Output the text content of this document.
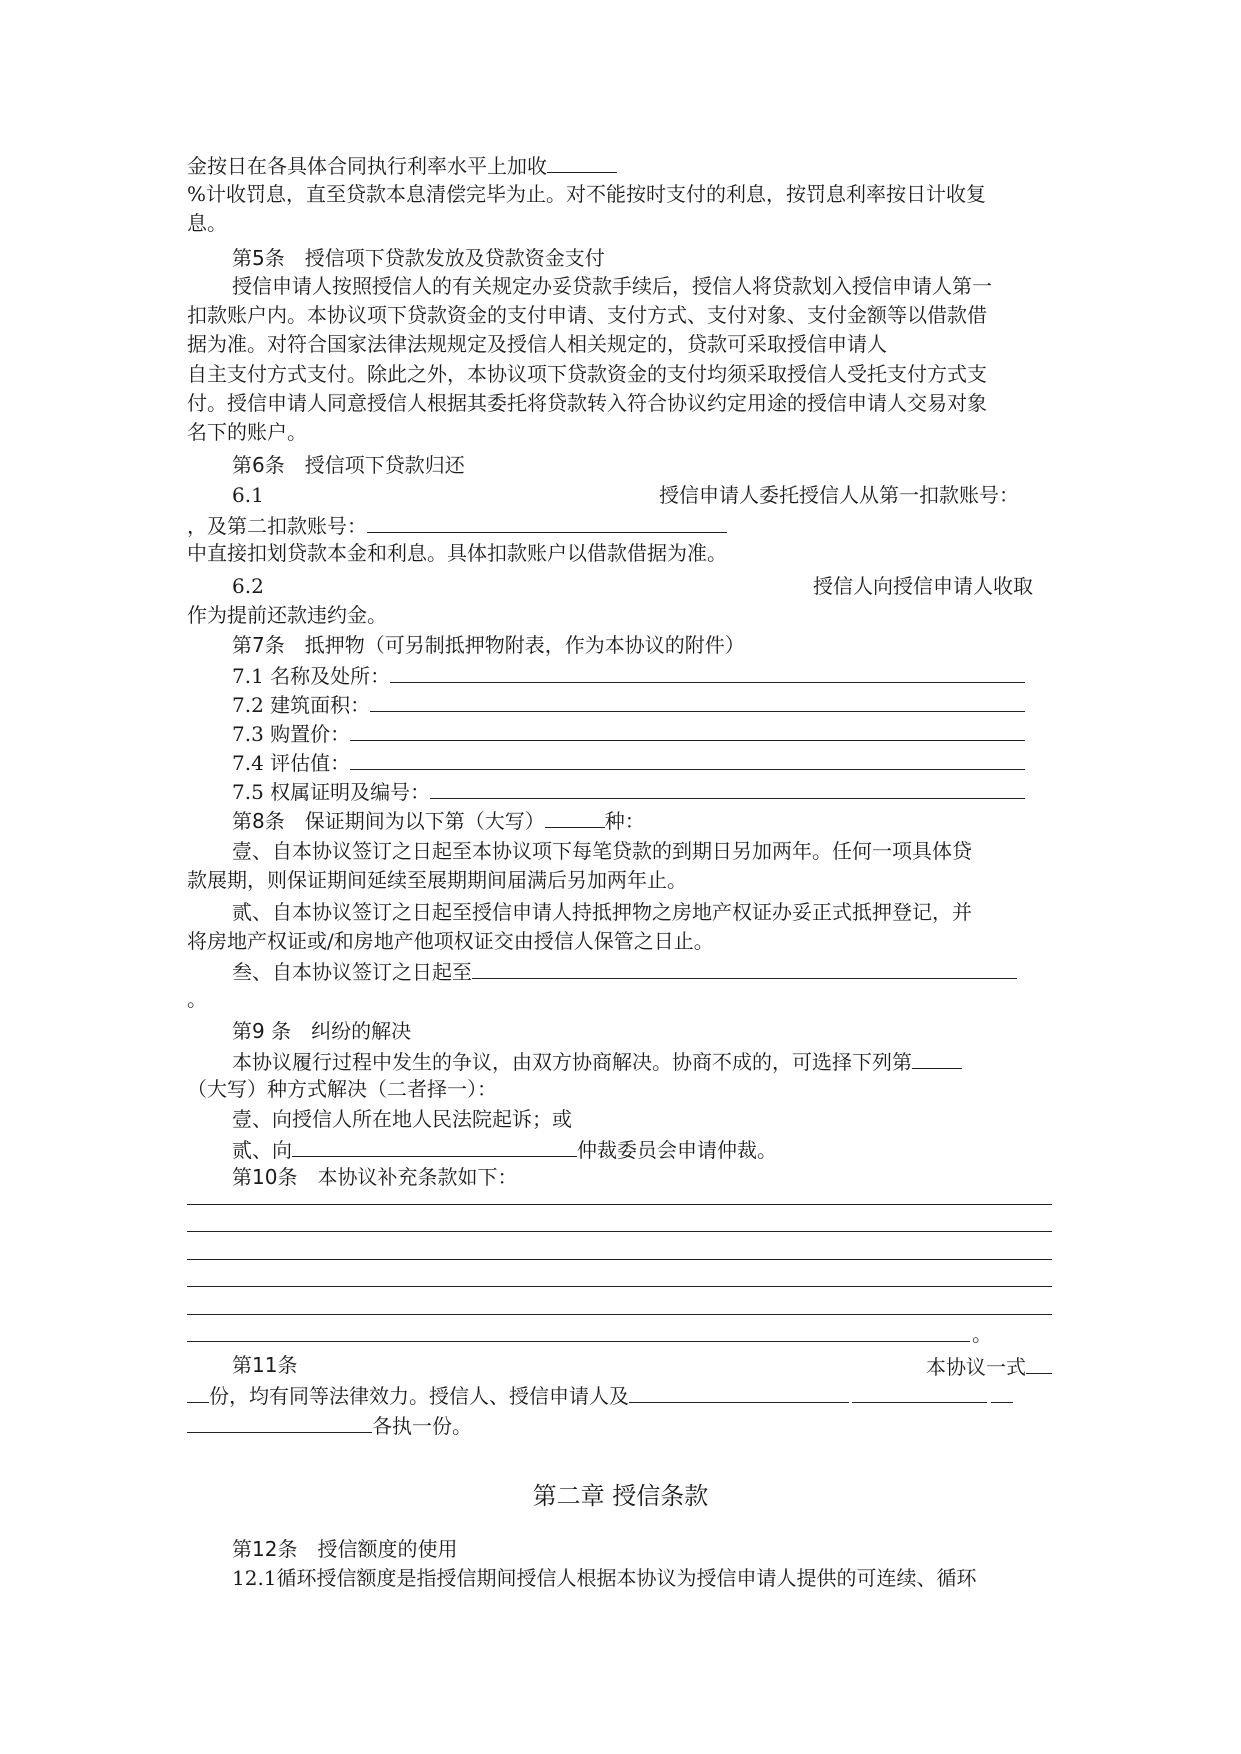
金按日在各具体合同执行利率水平上加收
%计收罚息，直至贷款本息清偿完毕为止。对不能按时支付的利息，按罚息利率按日计收复
息。
第5条　授信项下贷款发放及贷款资金支付
授信申请人按照授信人的有关规定办妥贷款手续后，授信人将贷款划入授信申请人第一
扣款账户内。本协议项下贷款资金的支付申请、支付方式、支付对象、支付金额等以借款借
据为准。对符合国家法律法规规定及授信人相关规定的，贷款可采取授信申请人
自主支付方式支付。除此之外，本协议项下贷款资金的支付均须采取授信人受托支付方式支
付。授信申请人同意授信人根据其委托将贷款转入符合协议约定用途的授信申请人交易对象
名下的账户。
第6条　授信项下贷款归还
6.1	授信申请人委托授信人从第一扣款账号：
，及第二扣款账号：
中直接扣划贷款本金和利息。具体扣款账户以借款借据为准。
6.2	授信人向授信申请人收取
作为提前还款违约金。
第7条 抵押物（可另制抵押物附表，作为本协议的附件）
7.1 名称及处所：
7.2 建筑面积：
7.3 购置价：
7.4 评估值：
7.5 权属证明及编号：
第8条 保证期间为以下第（大写）	种：
壹、自本协议签订之日起至本协议项下每笔贷款的到期日另加两年。任何一项具体贷
款展期，则保证期间延续至展期期间届满后另加两年止。
贰、自本协议签订之日起至授信申请人持抵押物之房地产权证办妥正式抵押登记，并
将房地产权证或/和房地产他项权证交由授信人保管之日止。
叁、自本协议签订之日起至
。
第9 条　纠纷的解决
本协议履行过程中发生的争议，由双方协商解决。协商不成的，可选择下列第
（大写）种方式解决（二者择一）：
壹、向授信人所在地人民法院起诉；或
贰、向	仲裁委员会申请仲裁。
第10条　本协议补充条款如下：
。
第11条	本协议一式
份，均有同等法律效力。授信人、授信申请人及
各执一份。
第二章 授信条款
第12条　授信额度的使用
12.1循环授信额度是指授信期间授信人根据本协议为授信申请人提供的可连续、循环
